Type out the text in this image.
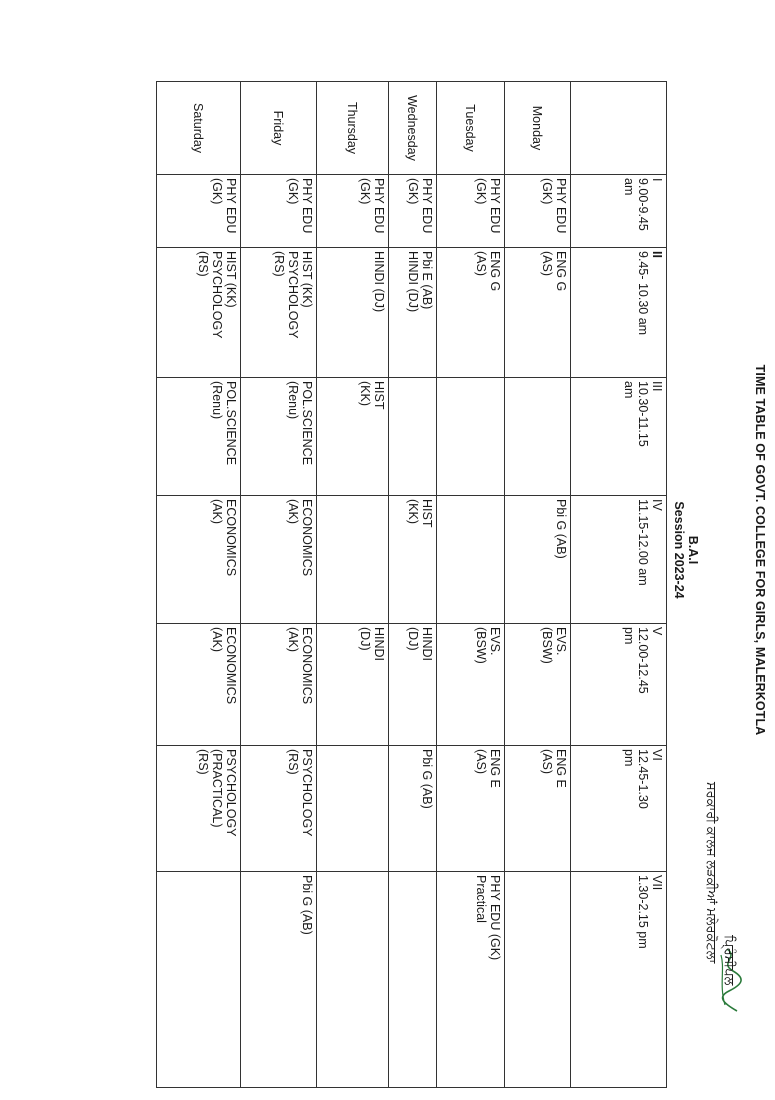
TIME TABLE OF GOVT. COLLEGE FOR GIRLS, MALERKOTLA
B.A.I
Session 2023-24

	I
9.00-9.45
am	II
9.45- 10.30 am	III
10.30-11.15
am	IV
11.15-12.00 am	V
12.00-12.45
pm	VI
12.45-1.30
pm	VII
1.30-2.15 pm
Monday	PHY EDU
(GK)	ENG G
(AS)		Pbi G (AB)	EVS.
(BSW)	ENG E
(AS)	
Tuesday	PHY EDU
(GK)	ENG G
(AS)			EVS.
(BSW)	ENG E
(AS)	PHY EDU (GK)
Practical
Wednesday	PHY EDU
(GK)	Pbi E (AB)
HINDI (DJ)		HIST
(KK)	HINDI
(DJ)	Pbi G (AB)	
Thursday	PHY EDU
(GK)	HINDI (DJ)	HIST
(KK)		HINDI
(DJ)		
Friday	PHY EDU
(GK)	HIST (KK)
PSYCHOLOGY
(RS)	POL.SCIENCE
(Renu)	ECONOMICS
(AK)	ECONOMICS
(AK)	PSYCHOLOGY
(RS)	Pbi G (AB)
Saturday	PHY EDU
(GK)	HIST (KK)
PSYCHOLOGY
(RS)	POL.SCIENCE
(Renu)	ECONOMICS
(AK)	ECONOMICS
(AK)	PSYCHOLOGY
(PRACTICAL)
(RS)	
ਪ੍ਰਿੰਸੀਪਲ
ਸਰਕਾਰੀ ਕਾਲਜ ਲੜਕੀਆਂ ਮਲੇਰਕੋਟਲਾ
